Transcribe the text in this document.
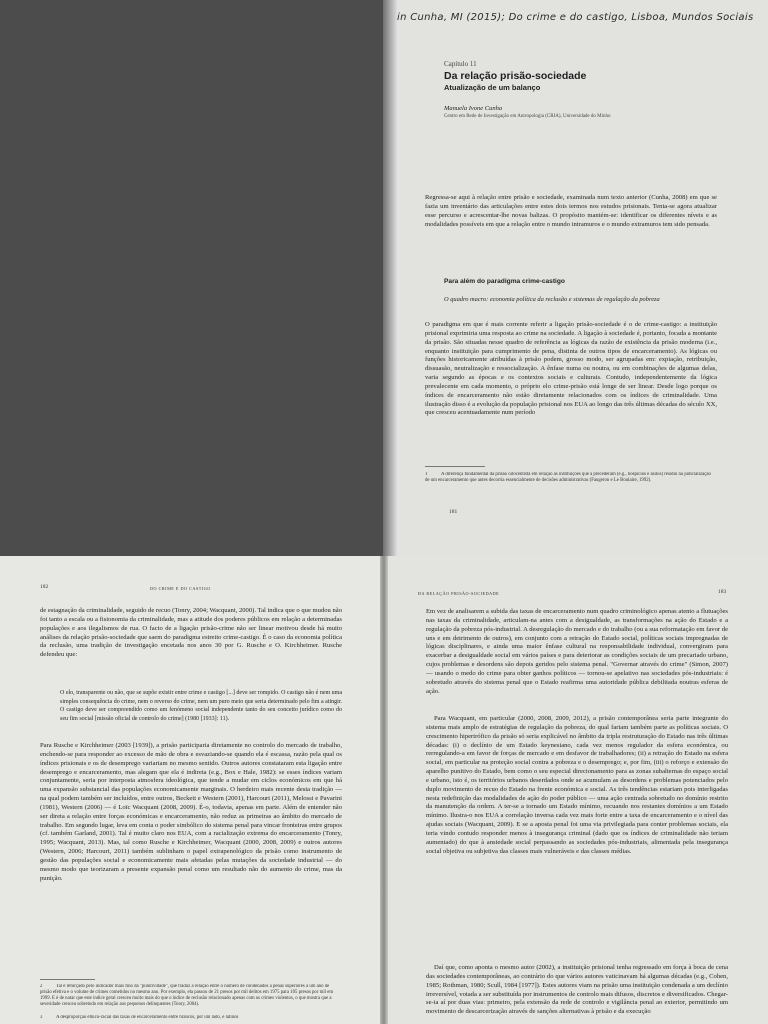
in Cunha, MI (2015); Do crime e do castigo, Lisboa, Mundos Sociais
Capítulo 11
Da relação prisão-sociedade
Atualização de um balanço
Manuela Ivone Cunha
Centro em Rede de Investigação em Antropologia (CRIA), Universidade do Minho

Regressa-se aqui à relação entre prisão e sociedade, examinada num texto anterior (Cunha, 2008) em que se fazia um inventário das articulações entre estes dois termos nos estudos prisionais. Tenta-se agora atualizar esse percurso e acrescentar-lhe novas balizas. O propósito mantém-se: identificar os diferentes níveis e as modalidades possíveis em que a relação entre o mundo intramuros e o mundo extramuros tem sido pensada.

Para além do paradigma crime-castigo
O quadro macro: economia política da reclusão e sistemas de regulação da pobreza

O paradigma em que é mais corrente referir a ligação prisão-sociedade é o de crime-castigo: a instituição prisional exprimiria uma resposta ao crime na sociedade. A ligação à sociedade é, portanto, focada a montante da prisão. São situadas nesse quadro de referência as lógicas da razão de existência da prisão moderna (i.e., enquanto instituição para cumprimento de pena, distinta de outros tipos de encarceramento). As lógicas ou funções historicamente atribuídas à prisão podem, grosso modo, ser agrupadas em: expiação, retribuição, dissuasão, neutralização e ressocialização. A ênfase numa ou noutra, ou em combinações de algumas delas, varia segundo as épocas e os contextos sociais e culturais. Contudo, independentemente da lógica prevalecente em cada momento, o próprio elo crime-prisão está longe de ser linear. Desde logo porque os índices de encarceramento não estão diretamente relacionados com os índices de criminalidade. Uma ilustração disso é a evolução da população prisional nos EUA ao longo das três últimas décadas do século XX, que cresceu acentuadamente num período

1	A diferença fundamental da prisão oitocentista em relação às instituições que a precederam (e.g., hospícios e asilos) residiu na judicialização de um encarceramento que antes decorria essencialmente de decisões administrativas (Faugeron e Le Boulaire, 1992).
181
182	DO CRIME E DO CASTIGO

de estagnação da criminalidade, seguido de recuo (Tonry, 2004; Wacquant, 2000). Tal indica que o que mudou não foi tanto a escala ou a fisionomia da criminalidade, mas a atitude dos poderes públicos em relação a determinadas populações e aos ilegalismos de rua. O facto de a ligação prisão-crime não ser linear motivou desde há muito análises da relação prisão-sociedade que saem do paradigma estreito crime-castigo. É o caso da economia política da reclusão, uma tradição de investigação encetada nos anos 30 por G. Rusche e O. Kirchheimer. Rusche defendeu que:

O elo, transparente ou não, que se supõe existir entre crime e castigo [...] deve ser rompido. O castigo não é nem uma simples consequência do crime, nem o reverso do crime, nem um puro meio que seria determinado pelo fim a atingir. O castigo deve ser compreendido como um fenómeno social independente tanto do seu conceito jurídico como do seu fim social [missão oficial de controlo do crime] (1980 [1933]: 11).

Para Rusche e Kirchheimer (2003 [1939]), a prisão participaria diretamente no controlo do mercado de trabalho, enchendo-se para responder ao excesso de mão de obra e esvaziando-se quando ela é escassa, razão pela qual os índices prisionais e os de desemprego variariam no mesmo sentido. Outros autores constataram esta ligação entre desemprego e encarceramento, mas alegam que ela é indireta (e.g., Box e Hale, 1982): se esses índices variam conjuntamente, seria por interposta atmosfera ideológica, que tende a mudar em ciclos económicos em que há uma expansão substancial das populações economicamente marginais. O herdeiro mais recente desta tradição — na qual podem também ser incluídos, entre outros, Beckett e Western (2001), Harcourt (2011), Melossi e Pavarini (1981), Western (2006) — é Loïc Wacquant (2008, 2009). É-o, todavia, apenas em parte. Além de entender não ser direta a relação entre forças económicas e encarceramento, não reduz as primeiras ao âmbito do mercado de trabalho. Em segundo lugar, leva em conta o poder simbólico do sistema penal para vincar fronteiras entre grupos (cf. também Garland, 2001). Tal é muito claro nos EUA, com a racialização extrema do encarceramento (Tonry, 1995; Wacquant, 2013). Mas, tal como Rusche e Kirchheimer, Wacquant (2000, 2008, 2009) e outros autores (Western, 2006; Harcourt, 2011) também sublinham o papel extrapenológico da prisão como instrumento de gestão das populações social e economicamente mais afetadas pelas mutações da sociedade industrial — do mesmo modo que teorizaram a presente expansão penal como um resultado não do aumento do crime, mas da punição.

2	Tal é reforçado pelo indicador mais fino da "punitividade", que traduz a relação entre o número de condenados a penas superiores a um ano de prisão efetiva e o volume de crimes cometidos no mesmo ano. Por exemplo, ela passou de 21 presos por mil delitos em 1975 para 105 presos por mil em 1999. E é de notar que este índice geral cresceu muito mais do que o índice de reclusão relacionado apenas com os crimes violentos, o que mostra que a severidade cresceu sobretudo em relação aos pequenos delinquentes (Tonry, 2004).
3	A desproporção étnico-racial das taxas de encarceramento entre brancos, por um lado, e latinos
DA RELAÇÃO PRISÃO-SOCIEDADE	183

Em vez de analisarem a subida das taxas de encarceramento num quadro criminológico apenas atento a flutuações nas taxas da criminalidade, articulam-na antes com a desigualdade, as transformações na ação do Estado e a regulação da pobreza pós-industrial. A desregulação do mercado e do trabalho (ou a sua reformatação em favor de uns e em detrimento de outros), em conjunto com a retração do Estado social, políticas sociais impregnadas de lógicas disciplinares, e ainda uma maior ênfase cultural na responsabilidade individual, convergiram para exacerbar a desigualdade social em vários países e para deteriorar as condições sociais de um precariado urbano, cujos problemas e desordens são depois geridos pelo sistema penal. "Governar através do crime" (Simon, 2007) — usando o medo do crime para obter ganhos políticos — tornou-se apelativo nas sociedades pós-industriais: é sobretudo através do sistema penal que o Estado reafirma uma autoridade pública debilitada noutras esferas de ação.

Para Wacquant, em particular (2000, 2008, 2009, 2012), a prisão contemporânea seria parte integrante do sistema mais amplo de estratégias de regulação da pobreza, do qual fariam também parte as políticas sociais. O crescimento hipertrófico da prisão só seria explicável no âmbito da tripla restruturação do Estado nas três últimas décadas: (i) o declínio de um Estado keynesiano, cada vez menos regulador da esfera económica, ou rerregulando-a em favor de forças de mercado e em desfavor de trabalhadores; (ii) a retração do Estado na esfera social, em particular na proteção social contra a pobreza e o desemprego; e, por fim, (iii) o reforço e extensão do aparelho punitivo do Estado, bem como o seu especial direcionamento para as zonas subalternas do espaço social e urbano, isto é, os territórios urbanos deserdados onde se acumulam as desordens e problemas potenciados pelo duplo movimento de recuo do Estado na frente económica e social. As três tendências estariam pois interligadas nesta redefinição das modalidades de ação do poder público — uma ação centrada sobretudo no domínio restrito da manutenção da ordem. A ter-se a tornado um Estado mínimo, recuando nos restantes domínios a um Estado mínimo. Ilustra-o nos EUA a correlação inversa cada vez mais forte entre a taxa de encarceramento e o nível das ajudas sociais (Wacquant, 2009). E se a aposta penal foi uma via privilegiada para conter problemas sociais, ela teria vindo contudo responder menos à insegurança criminal (dado que os índices de criminalidade não teriam aumentado) do que à ansiedade social perpassando as sociedades pós-industriais, alimentada pela insegurança social objetiva ou subjetiva das classes mais vulneráveis e das classes médias.

Daí que, como aponta o mesmo autor (2002), a instituição prisional tenha regressado em força à boca de cena das sociedades contemporâneas, ao contrário do que vários autores vaticinavam há algumas décadas (e.g., Cohen, 1985; Rothman, 1980; Scull, 1984 [1977]). Estes autores viam na prisão uma instituição condenada a um declínio irreversível, votada a ser substituída por instrumentos de controlo mais difusos, discretos e diversificados. Chegar-se-ia aí por duas vias: primeiro, pela extensão da rede de controlo e vigilância penal ao exterior, permitindo um movimento de descarcerização através de sanções alternativas à prisão e da execução
